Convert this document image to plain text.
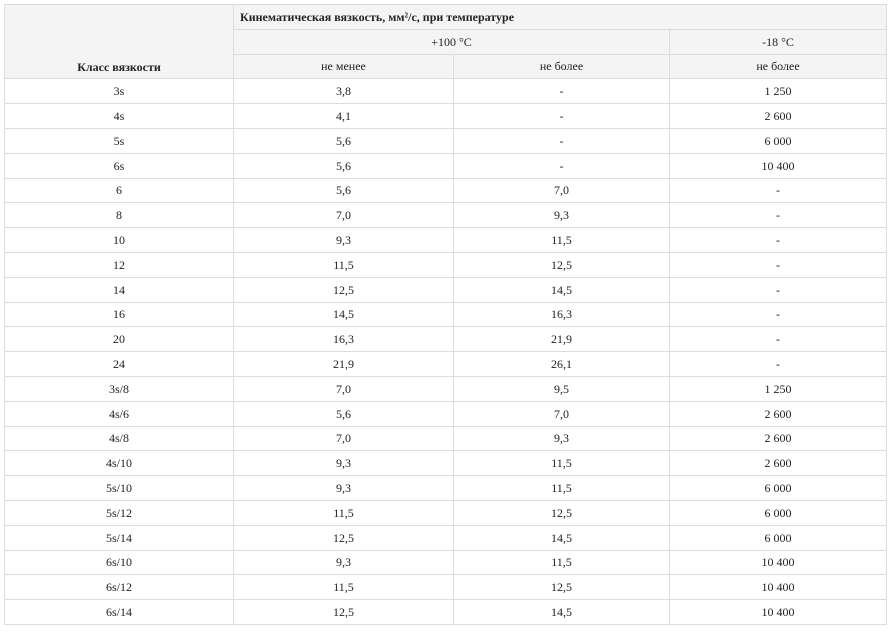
Класс вязкости	Кинематическая вязкость, мм²/с, при температуре		
	+100 °С		-18 °С
	не менее	не более	не более
3s	3,8	-	1 250
4s	4,1	-	2 600
5s	5,6	-	6 000
6s	5,6	-	10 400
6	5,6	7,0	-
8	7,0	9,3	-
10	9,3	11,5	-
12	11,5	12,5	-
14	12,5	14,5	-
16	14,5	16,3	-
20	16,3	21,9	-
24	21,9	26,1	-
3s/8	7,0	9,5	1 250
4s/6	5,6	7,0	2 600
4s/8	7,0	9,3	2 600
4s/10	9,3	11,5	2 600
5s/10	9,3	11,5	6 000
5s/12	11,5	12,5	6 000
5s/14	12,5	14,5	6 000
6s/10	9,3	11,5	10 400
6s/12	11,5	12,5	10 400
6s/14	12,5	14,5	10 400
